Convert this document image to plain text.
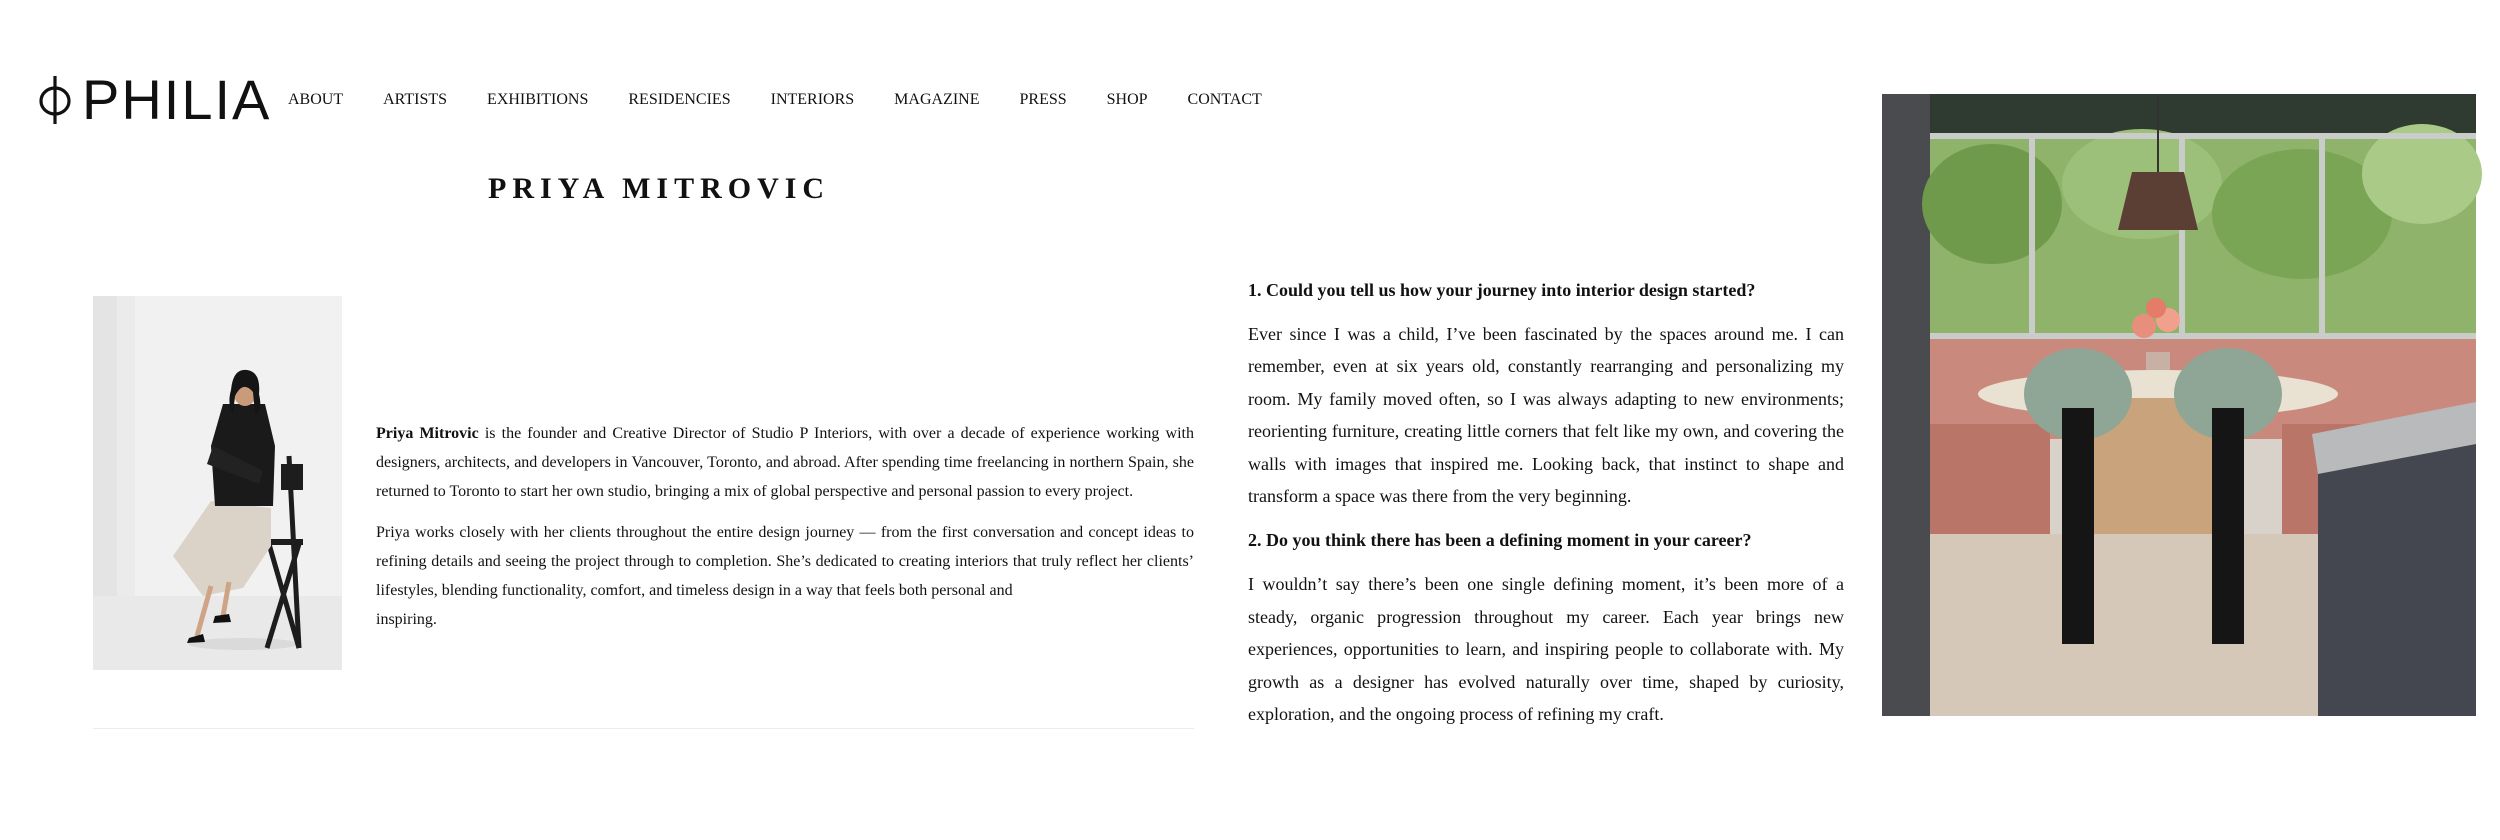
PHILIA ABOUT	ARTISTS	EXHIBITIONS	RESIDENCIES	INTERIORS	MAGAZINE	PRESS	SHOP	CONTACT
PRIYA MITROVIC

Priya Mitrovic is the founder and Creative Director of Studio P Interiors, with over a decade of experience working with designers, architects, and developers in Vancouver, Toronto, and abroad. After spending time freelancing in northern Spain, she returned to Toronto to start her own studio, bringing a mix of global perspective and personal passion to every project.

Priya works closely with her clients throughout the entire design journey — from the first conversation and concept ideas to refining details and seeing the project through to completion. She’s dedicated to creating interiors that truly reflect her clients’ lifestyles, blending functionality, comfort, and timeless design in a way that feels both personal and
inspiring.

1. Could you tell us how your journey into interior design started?

Ever since I was a child, I’ve been fascinated by the spaces around me. I can remember, even at six years old, constantly rearranging and personalizing my room. My family moved often, so I was always adapting to new environments; reorienting furniture, creating little corners that felt like my own, and covering the walls with images that inspired me. Looking back, that instinct to shape and transform a space was there from the very beginning.

2. Do you think there has been a defining moment in your career?

I wouldn’t say there’s been one single defining moment, it’s been more of a steady, organic progression throughout my career. Each year brings new experiences, opportunities to learn, and inspiring people to collaborate with. My growth as a designer has evolved naturally over time, shaped by curiosity, exploration, and the ongoing process of refining my craft.
